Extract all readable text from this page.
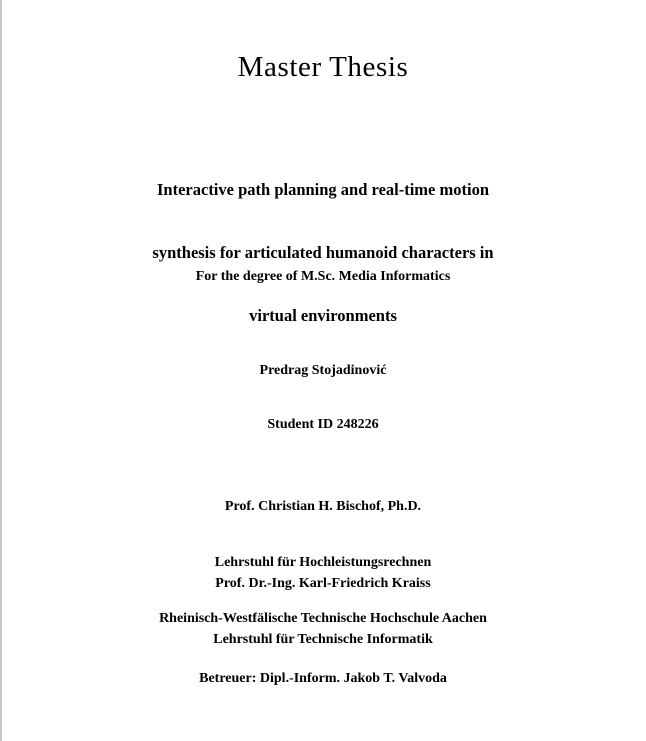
Master Thesis

Interactive path planning and real-time motion

synthesis for articulated humanoid characters in

virtual environments

For the degree of M.Sc. Media Informatics

Predrag Stojadinović

Student ID 248226

Prof. Christian H. Bischof, Ph.D.

Lehrstuhl für Hochleistungsrechnen

Prof. Dr.-Ing. Karl-Friedrich Kraiss

Lehrstuhl für Technische Informatik

Rheinisch-Westfälische Technische Hochschule Aachen
Betreuer: Dipl.-Inform. Jakob T. Valvoda
